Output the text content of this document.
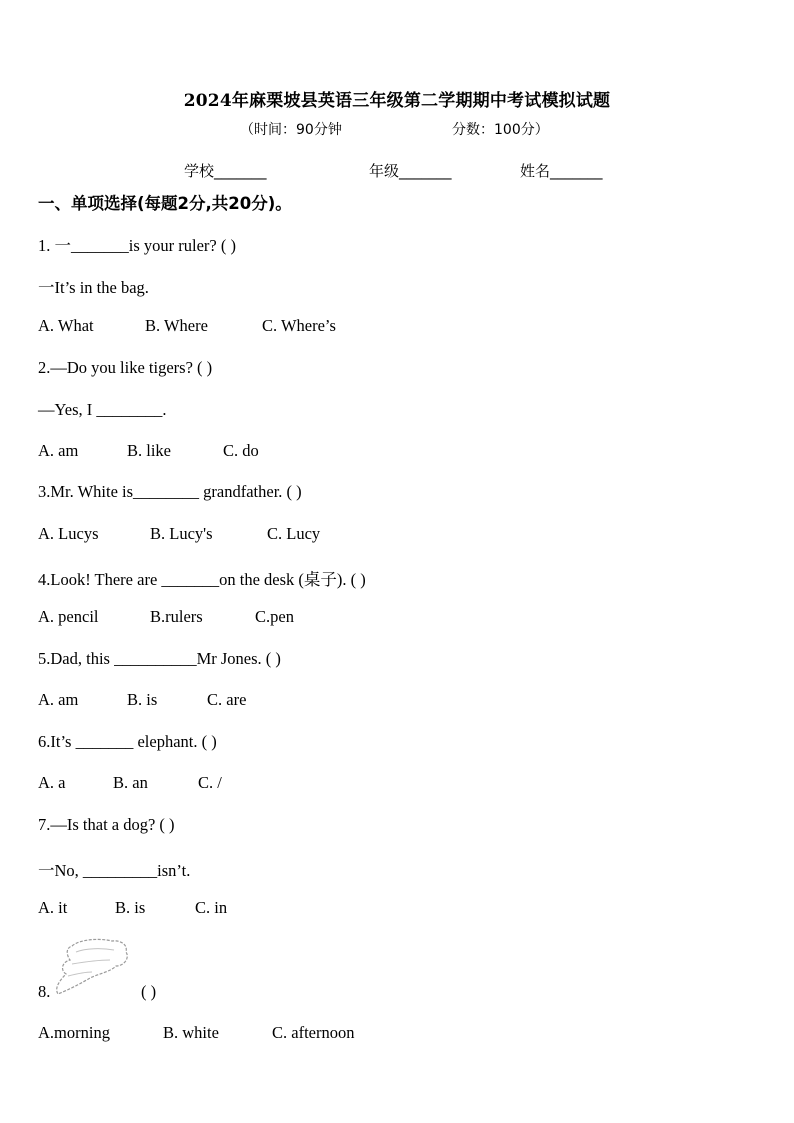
2024年麻栗坡县英语三年级第二学期期中考试模拟试题
（时间：90分钟	分数：100分）
学校_______	年级_______	姓名_______
一、单项选择(每题2分,共20分)。
1. 一_______is your ruler? ( )
一It’s in the bag.
A. What	B. Where	C. Where’s
2.—Do you like tigers? ( )
—Yes, I ________.
A. am	B. like	C. do
3.Mr. White is________ grandfather. ( )
A. Lucys	B. Lucy's	C. Lucy
4.Look! There are _______on the desk (桌子). ( )
A. pencil	B.rulers	C.pen
5.Dad, this __________Mr Jones. ( )
A. am	B. is	C. are
6.It’s _______ elephant. ( )
A. a	B. an	C. /
7.—Is that a dog? ( )
一No, _________isn’t.
A. it	B. is	C. in
8.	( )
A.morning	B. white	C. afternoon
